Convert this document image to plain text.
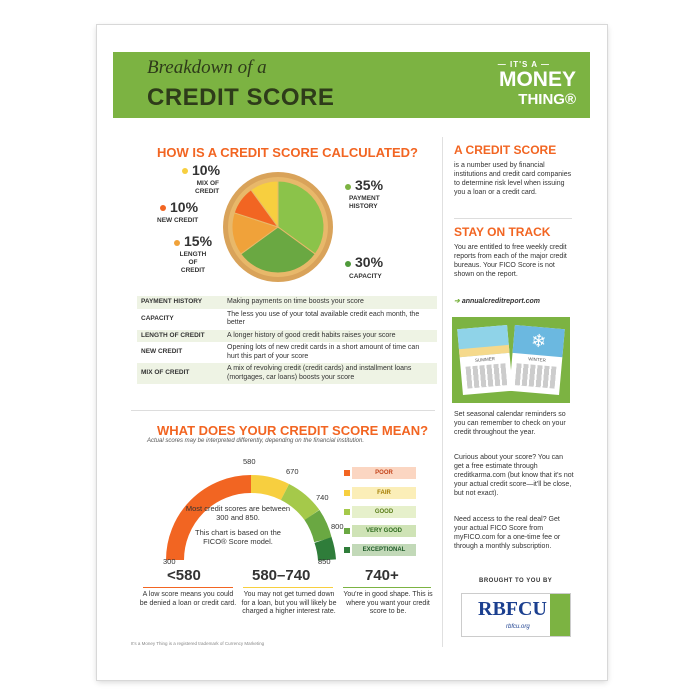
Breakdown of a
CREDIT SCORE
— IT'S A —
MONEY
THING®
HOW IS A CREDIT SCORE CALCULATED?
10%
MIX OF CREDIT
10%
NEW CREDIT
15%
LENGTH OF CREDIT
35%
PAYMENT HISTORY
30%
CAPACITY
PAYMENT HISTORY	Making payments on time boosts your score
CAPACITY	The less you use of your total available credit each month, the better
LENGTH OF CREDIT	A longer history of good credit habits raises your score
NEW CREDIT	Opening lots of new credit cards in a short amount of time can hurt this part of your score
MIX OF CREDIT	A mix of revolving credit (credit cards) and installment loans (mortgages, car loans) boosts your score
WHAT DOES YOUR CREDIT SCORE MEAN?
Actual scores may be interpreted differently, depending on the financial institution.
Most credit scores are between 300 and 850.
This chart is based on the FICO® Score model.
300
580
670
740
800
850
POOR
FAIR
GOOD
VERY GOOD
EXCEPTIONAL
<580
A low score means you could be denied a loan or credit card.
580–740
You may not get turned down for a loan, but you will likely be charged a higher interest rate.
740+
You're in good shape. This is where you want your credit score to be.
It's a Money Thing is a registered trademark of Currency Marketing
A CREDIT SCORE
is a number used by financial institutions and credit card companies to determine risk level when issuing you a loan or a credit card.
STAY ON TRACK
You are entitled to free weekly credit reports from each of the major credit bureaus. Your FICO Score is not shown on the report.
➔ annualcreditreport.com
SUMMER
❄
WINTER
Set seasonal calendar reminders so you can remember to check on your credit throughout the year.
Curious about your score? You can get a free estimate through creditkarma.com (but know that it's not your actual credit score—it'll be close, but not exact).
Need access to the real deal? Get your actual FICO Score from myFICO.com for a one-time fee or through a monthly subscription.
BROUGHT TO YOU BY
RBFCU
rbfcu.org
